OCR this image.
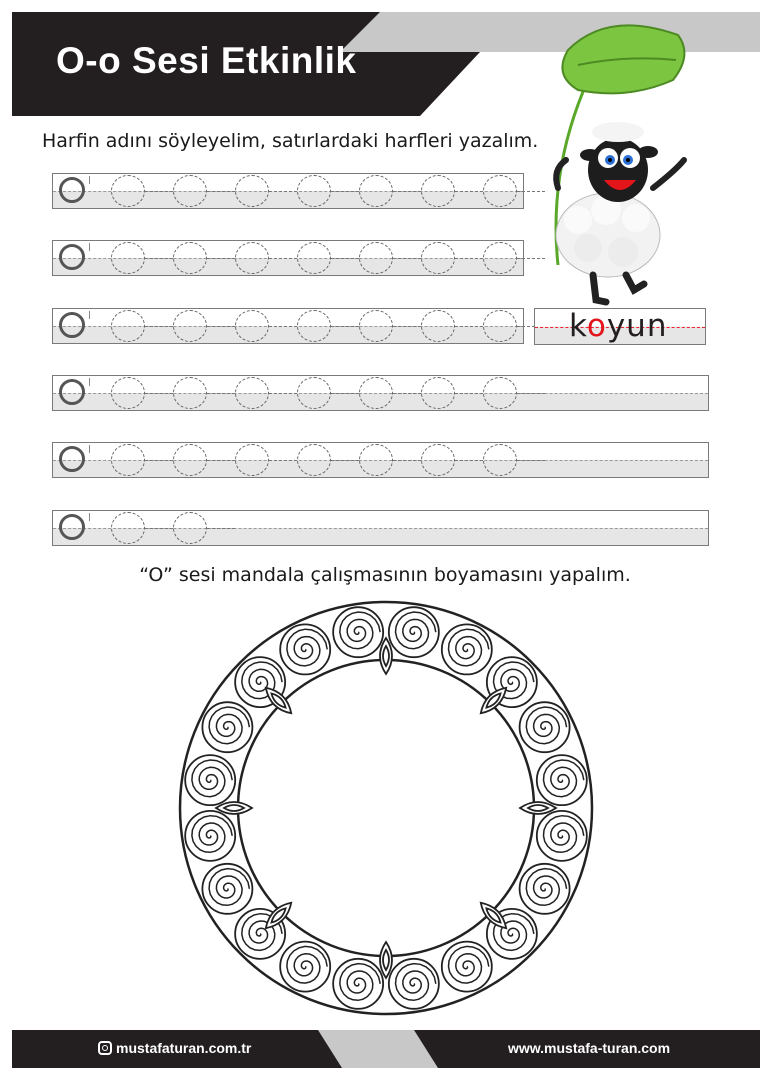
O-o Sesi Etkinlik
Harfin adını söyleyelim, satırlardaki harfleri yazalım.
koyun
“O” sesi mandala çalışmasının boyamasını yapalım.
mustafaturan.com.tr	www.mustafa-turan.com
